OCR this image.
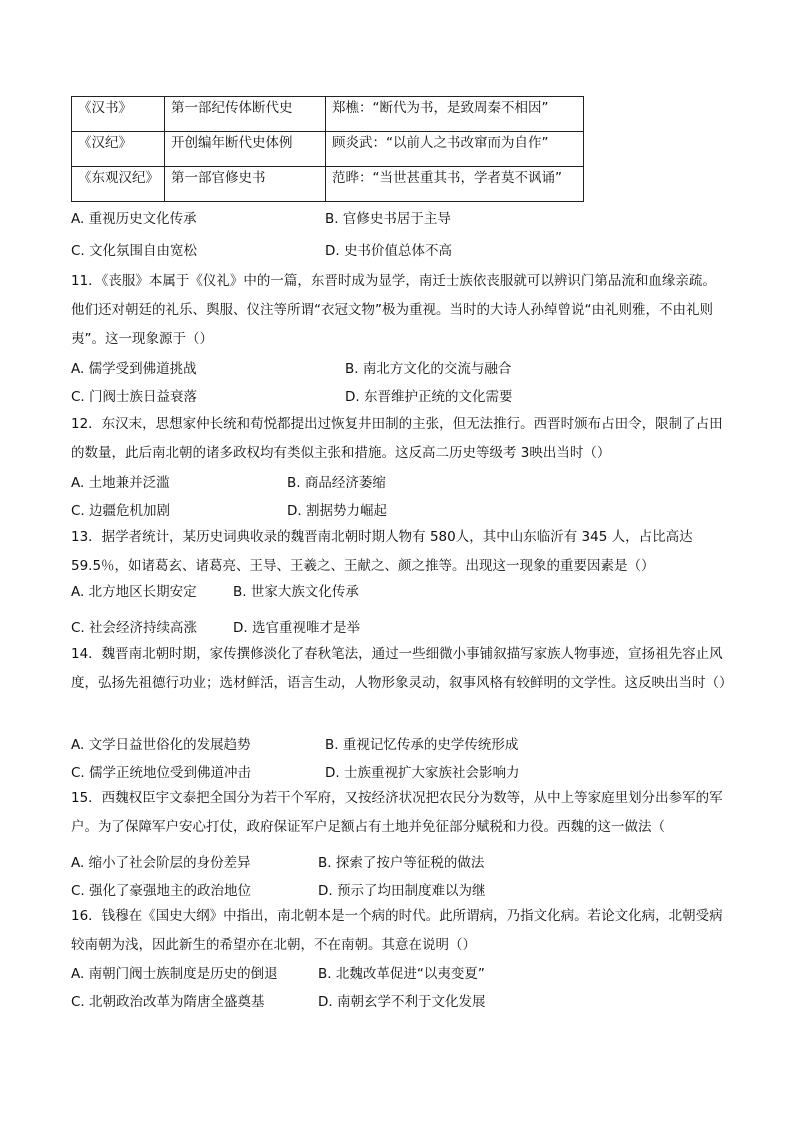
《汉书》	第一部纪传体断代史	郑樵：“断代为书，是致周秦不相因”
《汉纪》	开创编年断代史体例	顾炎武：“以前人之书改窜而为自作”
《东观汉纪》	第一部官修史书	范晔：“当世甚重其书，学者莫不讽诵”
A. 重视历史文化传承	B. 官修史书居于主导
C. 文化氛围自由宽松	D. 史书价值总体不高
11．《丧服》本属于《仪礼》中的一篇，东晋时成为显学，南迁士族依丧服就可以辨识门第品流和血缘亲疏。他们还对朝廷的礼乐、舆服、仪注等所谓“衣冠文物”极为重视。当时的大诗人孙绰曾说“由礼则雅，不由礼则夷”。这一现象源于（）
A. 儒学受到佛道挑战	B. 南北方文化的交流与融合
C. 门阀士族日益衰落	D. 东晋维护正统的文化需要
12．东汉末，思想家仲长统和荀悦都提出过恢复井田制的主张，但无法推行。西晋时颁布占田令，限制了占田的数量，此后南北朝的诸多政权均有类似主张和措施。这反高二历史等级考 3映出当时（）
A. 土地兼并泛滥	B. 商品经济萎缩
C. 边疆危机加剧	D. 割据势力崛起
13．据学者统计，某历史词典收录的魏晋南北朝时期人物有 580人，其中山东临沂有 345 人，占比高达59.5％，如诸葛玄、诸葛亮、王导、王羲之、王献之、颜之推等。出现这一现象的重要因素是（）
A. 北方地区长期安定	B. 世家大族文化传承
C. 社会经济持续高涨	D. 选官重视唯才是举
14．魏晋南北朝时期，家传撰修淡化了春秋笔法，通过一些细微小事铺叙描写家族人物事迹，宣扬祖先容止风度，弘扬先祖德行功业；选材鲜活，语言生动，人物形象灵动，叙事风格有较鲜明的文学性。这反映出当时（）
A. 文学日益世俗化的发展趋势	B. 重视记忆传承的史学传统形成
C. 儒学正统地位受到佛道冲击	D. 士族重视扩大家族社会影响力
15．西魏权臣宇文泰把全国分为若干个军府，又按经济状况把农民分为数等，从中上等家庭里划分出参军的军户。为了保障军户安心打仗，政府保证军户足额占有土地并免征部分赋税和力役。西魏的这一做法（
A. 缩小了社会阶层的身份差异	B. 探索了按户等征税的做法
C. 强化了豪强地主的政治地位	D. 预示了均田制度难以为继
16．钱穆在《国史大纲》中指出，南北朝本是一个病的时代。此所谓病，乃指文化病。若论文化病，北朝受病较南朝为浅，因此新生的希望亦在北朝，不在南朝。其意在说明（）
A. 南朝门阀士族制度是历史的倒退	B. 北魏改革促进“以夷变夏”
C. 北朝政治改革为隋唐全盛奠基	D. 南朝玄学不利于文化发展
